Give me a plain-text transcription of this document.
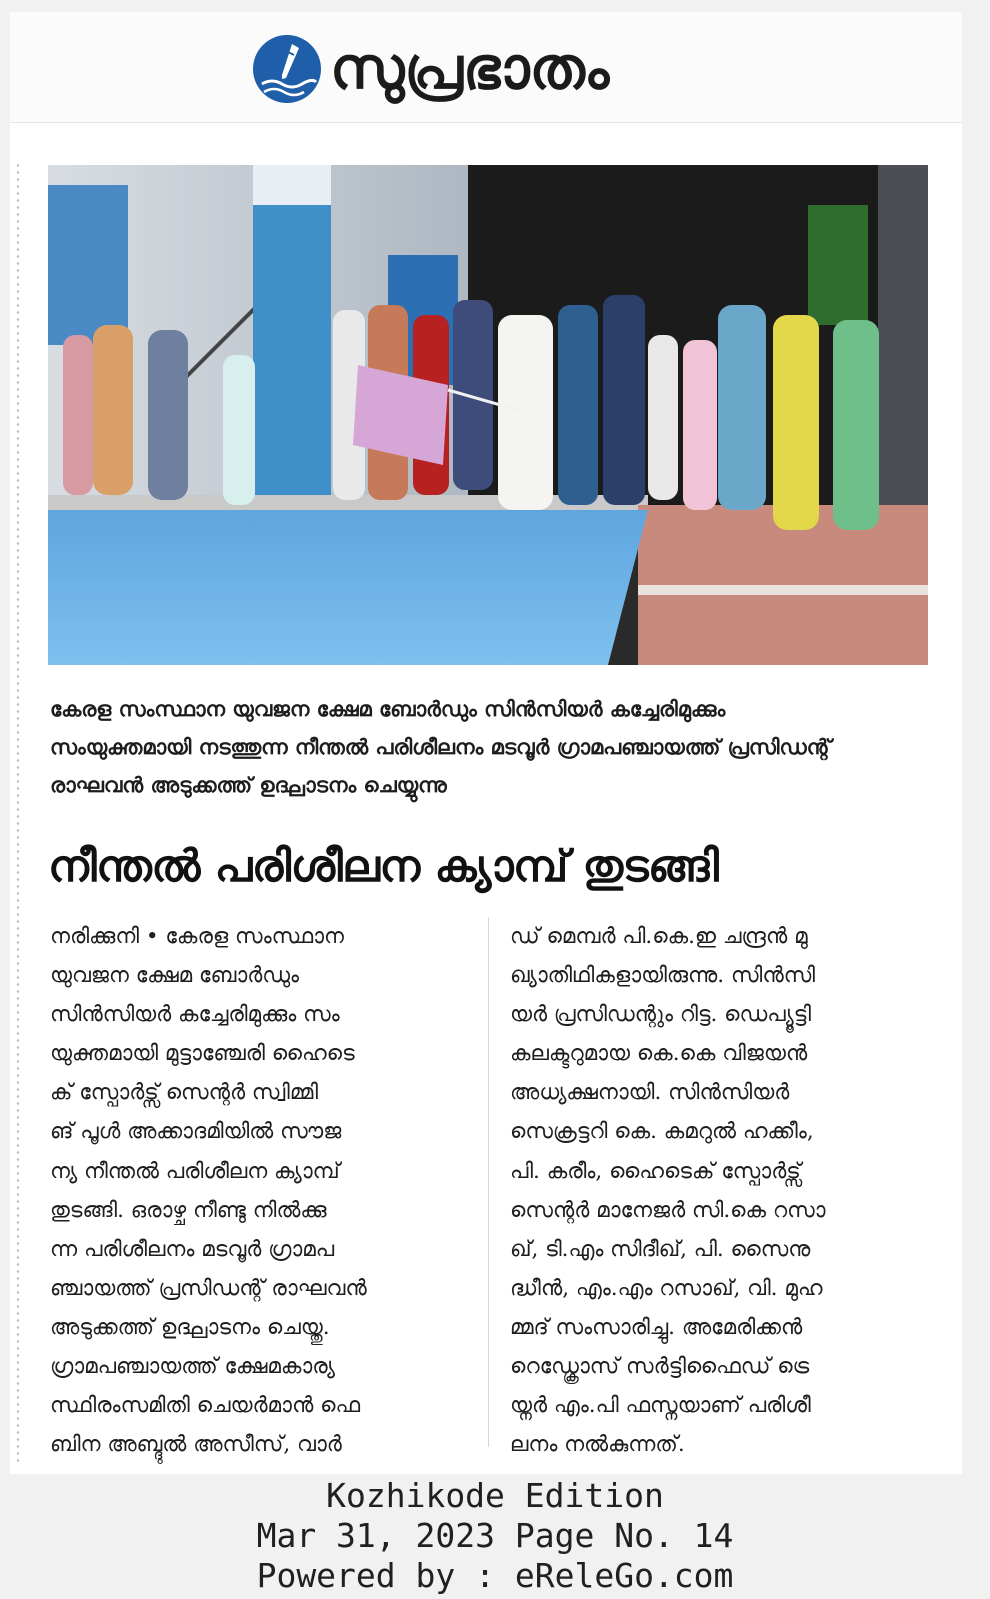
സുപ്രഭാതം
കേരള സംസ്ഥാന യുവജന ക്ഷേമ ബോർഡും സിൻസിയർ കച്ചേരിമുക്കും
സംയുക്തമായി നടത്തുന്ന നീന്തൽ പരിശീലനം മടവൂർ ഗ്രാമപഞ്ചായത്ത് പ്രസിഡന്റ്
രാഘവൻ അടുക്കത്ത് ഉദ്ഘാടനം ചെയ്യുന്നു
നീന്തൽ പരിശീലന ക്യാമ്പ് തുടങ്ങി
നരിക്കുനി • കേരള സംസ്ഥാന
യുവജന ക്ഷേമ ബോർഡും
സിൻസിയർ കച്ചേരിമുക്കും സം
യുക്തമായി മുട്ടാഞ്ചേരി ഹൈടെ
ക് സ്പോർട്സ് സെന്റർ സ്വിമ്മി
ങ് പൂൾ അക്കാദമിയിൽ സൗജ
ന്യ നീന്തൽ പരിശീലന ക്യാമ്പ്
തുടങ്ങി. ഒരാഴ്ച നീണ്ടു നിൽക്കു
ന്ന പരിശീലനം മടവൂർ ഗ്രാമപ
ഞ്ചായത്ത് പ്രസിഡന്റ് രാഘവൻ
അടുക്കത്ത് ഉദ്ഘാടനം ചെയ്തു.
ഗ്രാമപഞ്ചായത്ത് ക്ഷേമകാര്യ
സ്ഥിരംസമിതി ചെയർമാൻ ഫെ
ബിന അബ്ദുൽ അസീസ്, വാർ
ഡ് മെമ്പർ പി.കെ.ഇ ചന്ദ്രൻ മു
ഖ്യാതിഥികളായിരുന്നു. സിൻസി
യർ പ്രസിഡന്റും റിട്ട. ഡെപ്യൂട്ടി
കലക്ടറുമായ കെ.കെ വിജയൻ
അധ്യക്ഷനായി. സിൻസിയർ
സെക്രട്ടറി കെ. കമറുൽ ഹക്കീം,
പി. കരീം, ഹൈടെക് സ്പോർട്സ്
സെന്റർ മാനേജർ സി.കെ റസാ
ഖ്, ടി.എം സിദീഖ്, പി. സൈനു
ദ്ധീൻ, എം.എം റസാഖ്, വി. മുഹ
മ്മദ് സംസാരിച്ചു. അമേരിക്കൻ
റെഡ്ക്രോസ് സർട്ടിഫൈഡ് ട്രെ
യ്നർ എം.പി ഫസ്നയാണ് പരിശീ
ലനം നൽകുന്നത്.
Kozhikode Edition
Mar 31, 2023 Page No. 14
Powered by : eReleGo.com
